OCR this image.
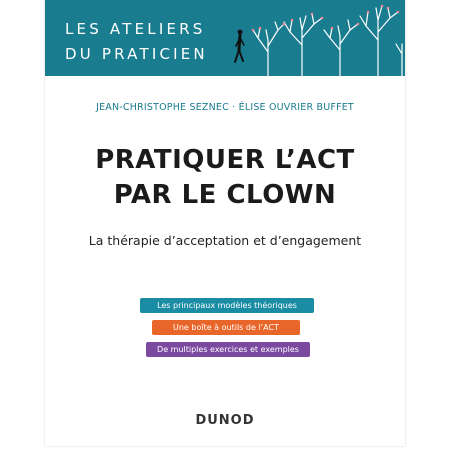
LES ATELIERS
DU PRATICIEN
JEAN-CHRISTOPHE SEZNEC · ÉLISE OUVRIER BUFFET
PRATIQUER L’ACT
PAR LE CLOWN
La thérapie d’acceptation et d’engagement
Les principaux modèles théoriques
Une boîte à outils de l’ACT
De multiples exercices et exemples
DUNOD
